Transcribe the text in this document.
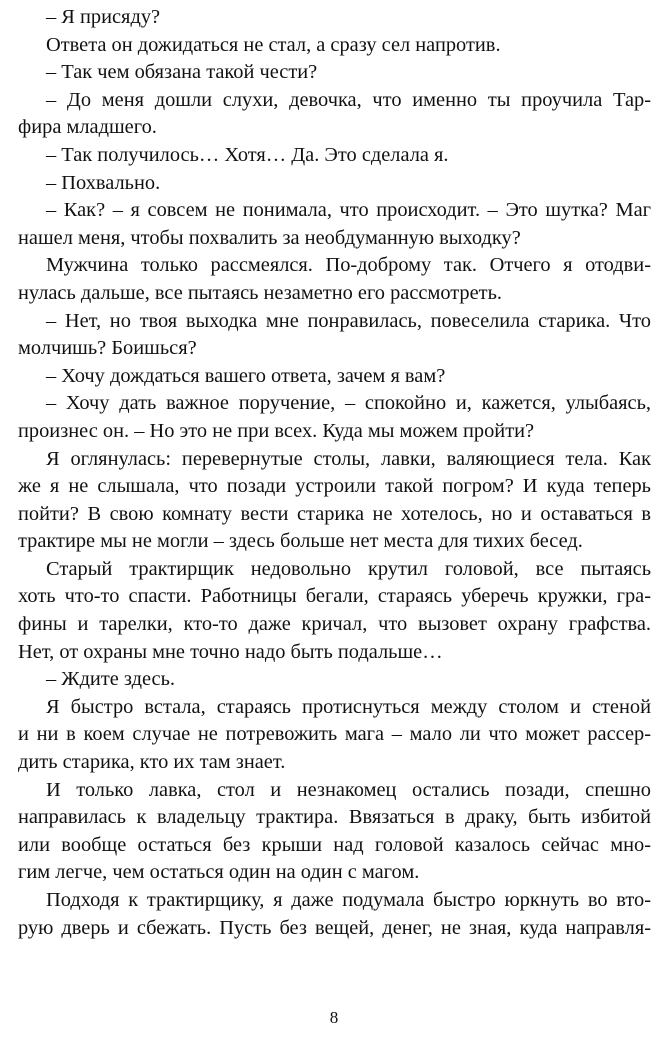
– Я присяду?
Ответа он дожидаться не стал, а сразу сел напротив.
– Так чем обязана такой чести?
– До меня дошли слухи, девочка, что именно ты проучила Тар-
фира младшего.
– Так получилось… Хотя… Да. Это сделала я.
– Похвально.
– Как? – я совсем не понимала, что происходит. – Это шутка? Маг
нашел меня, чтобы похвалить за необдуманную выходку?
Мужчина только рассмеялся. По-доброму так. Отчего я отодви-
нулась дальше, все пытаясь незаметно его рассмотреть.
– Нет, но твоя выходка мне понравилась, повеселила старика. Что
молчишь? Боишься?
– Хочу дождаться вашего ответа, зачем я вам?
– Хочу дать важное поручение, – спокойно и, кажется, улыбаясь,
произнес он. – Но это не при всех. Куда мы можем пройти?
Я оглянулась: перевернутые столы, лавки, валяющиеся тела. Как
же я не слышала, что позади устроили такой погром? И куда теперь
пойти? В свою комнату вести старика не хотелось, но и оставаться в
трактире мы не могли – здесь больше нет места для тихих бесед.
Старый трактирщик недовольно крутил головой, все пытаясь
хоть что-то спасти. Работницы бегали, стараясь уберечь кружки, гра-
фины и тарелки, кто-то даже кричал, что вызовет охрану графства.
Нет, от охраны мне точно надо быть подальше…
– Ждите здесь.
Я быстро встала, стараясь протиснуться между столом и стеной
и ни в коем случае не потревожить мага – мало ли что может рассер-
дить старика, кто их там знает.
И только лавка, стол и незнакомец остались позади, спешно
направилась к владельцу трактира. Ввязаться в драку, быть избитой
или вообще остаться без крыши над головой казалось сейчас мно-
гим легче, чем остаться один на один с магом.
Подходя к трактирщику, я даже подумала быстро юркнуть во вто-
рую дверь и сбежать. Пусть без вещей, денег, не зная, куда направля-
8
